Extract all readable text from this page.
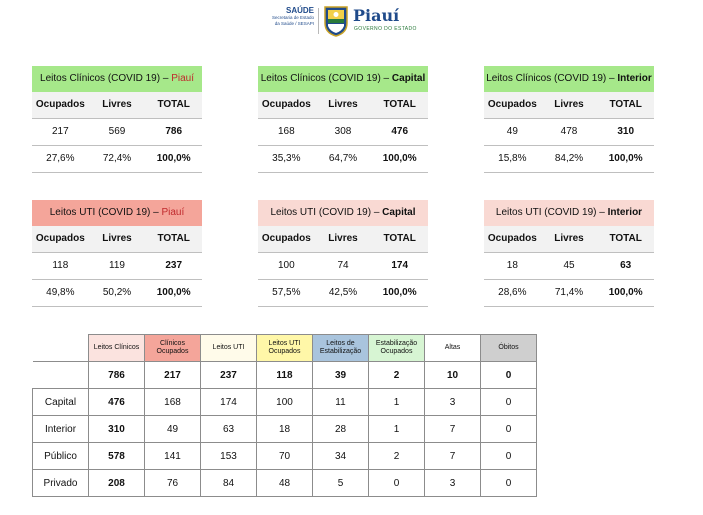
SAÚDE
Secretaria de Estado
da Saúde / SESAPI Piauí
GOVERNO DO ESTADO
Leitos Clínicos (COVID 19) – Piauí
Ocupados	Livres	TOTAL
217	569	786
27,6%	72,4%	100,0%
Leitos Clínicos (COVID 19) – Capital
Ocupados	Livres	TOTAL
168	308	476
35,3%	64,7%	100,0%
Leitos Clínicos (COVID 19) – Interior
Ocupados	Livres	TOTAL
49	478	310
15,8%	84,2%	100,0%
Leitos UTI (COVID 19) – Piauí
Ocupados	Livres	TOTAL
118	119	237
49,8%	50,2%	100,0%
Leitos UTI (COVID 19) – Capital
Ocupados	Livres	TOTAL
100	74	174
57,5%	42,5%	100,0%
Leitos UTI (COVID 19) – Interior
Ocupados	Livres	TOTAL
18	45	63
28,6%	71,4%	100,0%
	Leitos Clínicos	Clínicos Ocupados	Leitos UTI	Leitos UTI Ocupados	Leitos de Estabilização	Estabilização Ocupados	Altas	Óbitos
	786	217	237	118	39	2	10	0
Capital	476	168	174	100	11	1	3	0
Interior	310	49	63	18	28	1	7	0
Público	578	141	153	70	34	2	7	0
Privado	208	76	84	48	5	0	3	0
